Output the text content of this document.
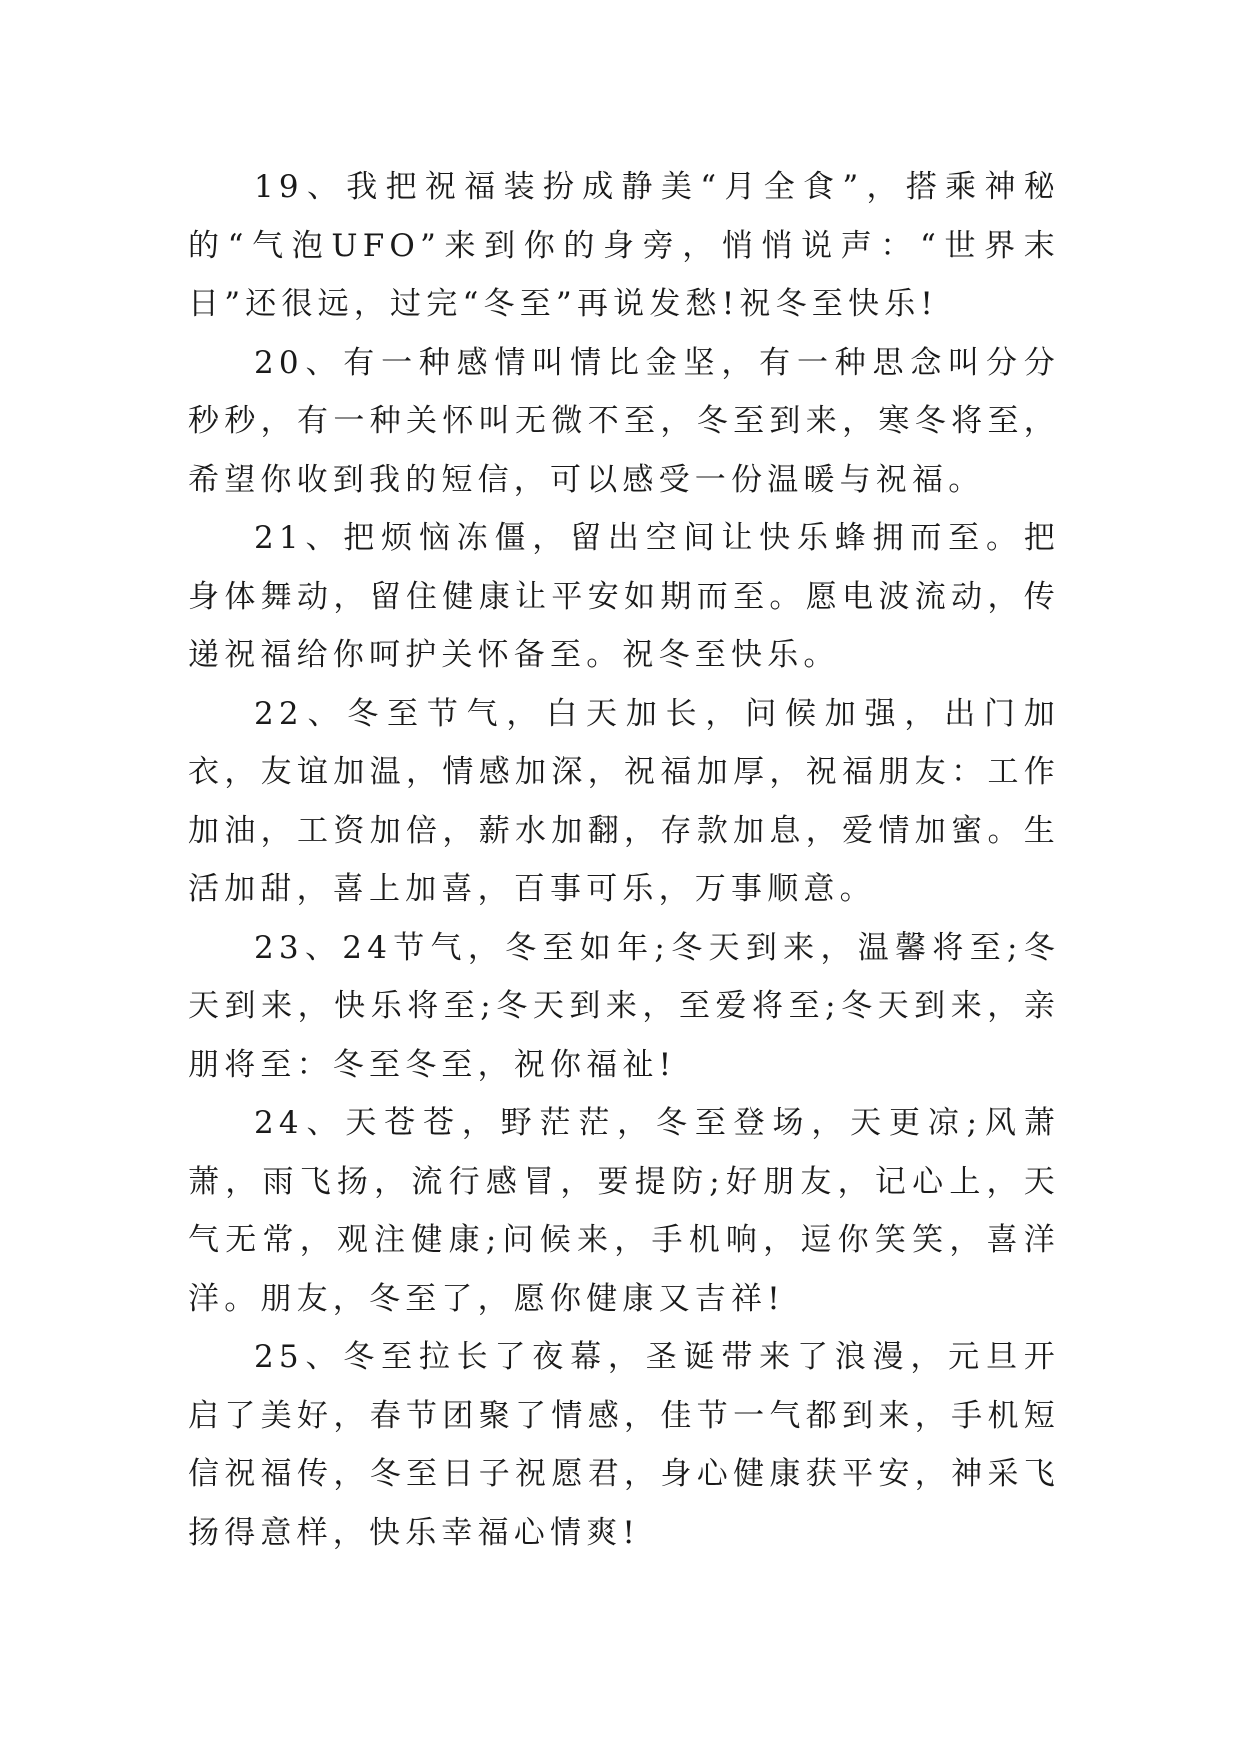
19、我把祝福装扮成静美“月全食”，搭乘神秘的“气泡UFO”来到你的身旁，悄悄说声：“世界末日”还很远，过完“冬至”再说发愁!祝冬至快乐!

20、有一种感情叫情比金坚，有一种思念叫分分秒秒，有一种关怀叫无微不至，冬至到来，寒冬将至，希望你收到我的短信，可以感受一份温暖与祝福。

21、把烦恼冻僵，留出空间让快乐蜂拥而至。把身体舞动，留住健康让平安如期而至。愿电波流动，传递祝福给你呵护关怀备至。祝冬至快乐。

22、冬至节气，白天加长，问候加强，出门加衣，友谊加温，情感加深，祝福加厚，祝福朋友：工作加油，工资加倍，薪水加翻，存款加息，爱情加蜜。生活加甜，喜上加喜，百事可乐，万事顺意。

23、24节气，冬至如年;冬天到来，温馨将至;冬天到来，快乐将至;冬天到来，至爱将至;冬天到来，亲朋将至：冬至冬至，祝你福祉!

24、天苍苍，野茫茫，冬至登场，天更凉;风萧萧，雨飞扬，流行感冒，要提防;好朋友，记心上，天气无常，观注健康;问候来，手机响，逗你笑笑，喜洋洋。朋友，冬至了，愿你健康又吉祥!

25、冬至拉长了夜幕，圣诞带来了浪漫，元旦开启了美好，春节团聚了情感，佳节一气都到来，手机短信祝福传，冬至日子祝愿君，身心健康获平安，神采飞扬得意样，快乐幸福心情爽!
